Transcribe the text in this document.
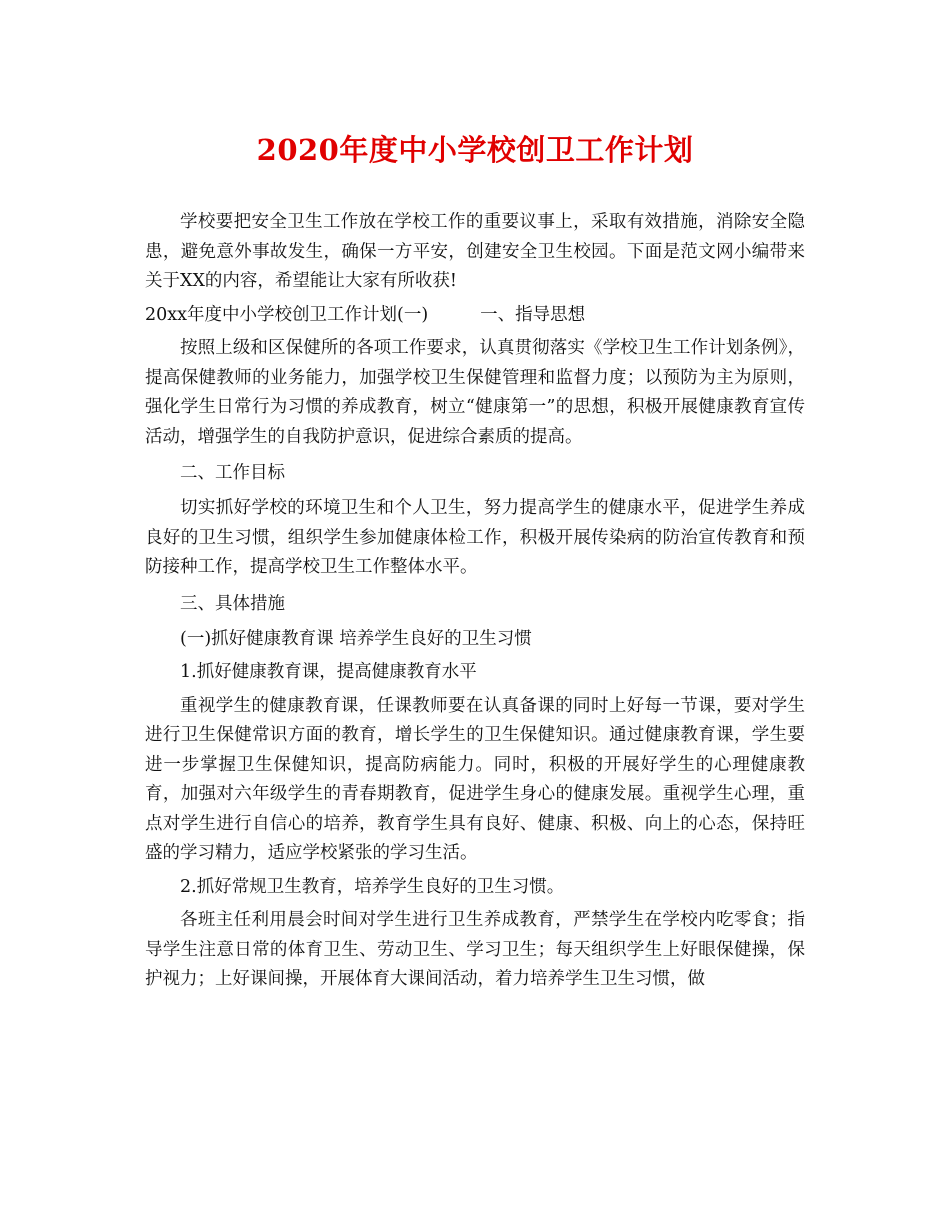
2020年度中小学校创卫工作计划

学校要把安全卫生工作放在学校工作的重要议事上，采取有效措施，消除安全隐患，避免意外事故发生，确保一方平安，创建安全卫生校园。下面是范文网小编带来关于XX的内容，希望能让大家有所收获!

20xx年度中小学校创卫工作计划(一)	一、指导思想

按照上级和区保健所的各项工作要求，认真贯彻落实《学校卫生工作计划条例》，提高保健教师的业务能力，加强学校卫生保健管理和监督力度；以预防为主为原则，强化学生日常行为习惯的养成教育，树立“健康第一”的思想，积极开展健康教育宣传活动，增强学生的自我防护意识，促进综合素质的提高。

二、工作目标

切实抓好学校的环境卫生和个人卫生，努力提高学生的健康水平，促进学生养成良好的卫生习惯，组织学生参加健康体检工作，积极开展传染病的防治宣传教育和预防接种工作，提高学校卫生工作整体水平。

三、具体措施

(一)抓好健康教育课 培养学生良好的卫生习惯

1.抓好健康教育课，提高健康教育水平

重视学生的健康教育课，任课教师要在认真备课的同时上好每一节课，要对学生进行卫生保健常识方面的教育，增长学生的卫生保健知识。通过健康教育课，学生要进一步掌握卫生保健知识，提高防病能力。同时，积极的开展好学生的心理健康教育，加强对六年级学生的青春期教育，促进学生身心的健康发展。重视学生心理，重点对学生进行自信心的培养，教育学生具有良好、健康、积极、向上的心态，保持旺盛的学习精力，适应学校紧张的学习生活。

2.抓好常规卫生教育，培养学生良好的卫生习惯。

各班主任利用晨会时间对学生进行卫生养成教育，严禁学生在学校内吃零食；指导学生注意日常的体育卫生、劳动卫生、学习卫生；每天组织学生上好眼保健操，保护视力；上好课间操，开展体育大课间活动，着力培养学生卫生习惯，做
